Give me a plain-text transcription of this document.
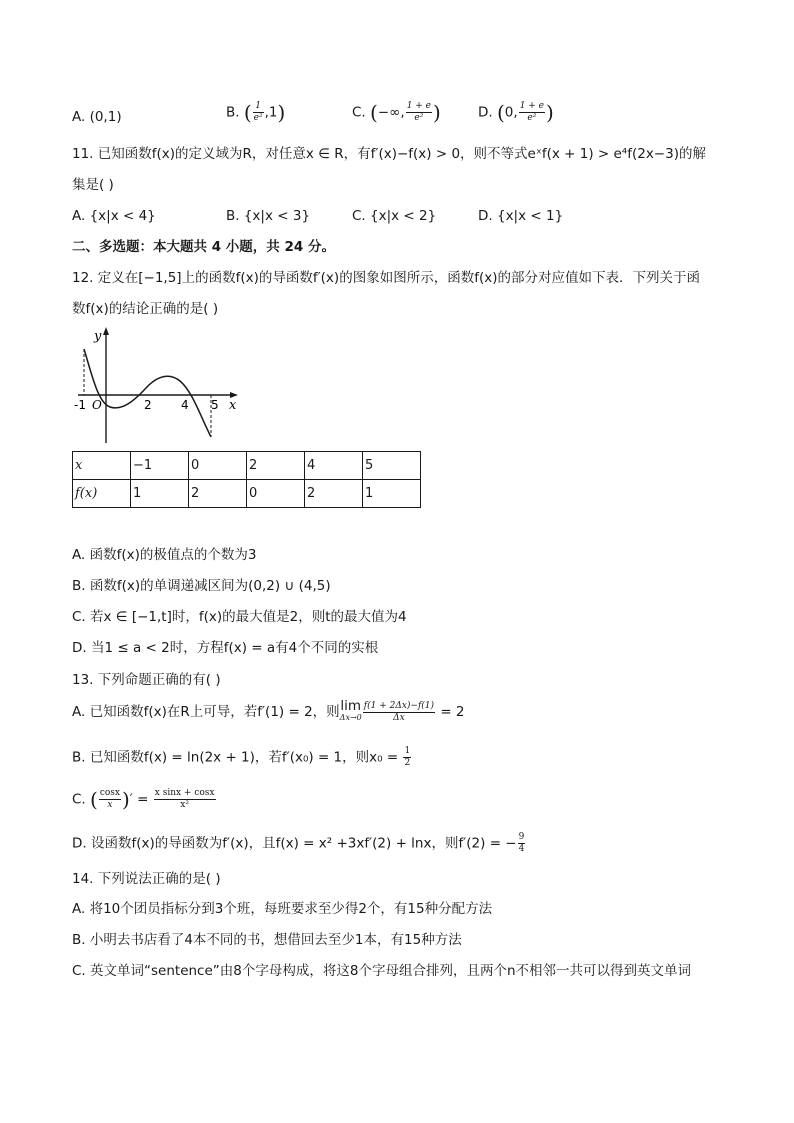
A. (0,1)	B. ( $\frac{1}{\text{e²}} ,1$)	C. (−∞, $\frac{1 + e}{\text{e²}}$ )	D. (0, $\frac{1 + e}{\text{e²}}$ )
11. 已知函数f(x)的定义域为R，对任意x ∈ R，有f′(x)−f(x) > 0，则不等式eˣf(x + 1) > e⁴f(2x−3)的解
集是( )
A. {x|x < 4}	B. {x|x < 3}	C. {x|x < 2}	D. {x|x < 1}
二、多选题：本大题共 4 小题，共 24 分。
12. 定义在[−1,5]上的函数f(x)的导函数f′(x)的图象如图所示，函数f(x)的部分对应值如下表．下列关于函
数f(x)的结论正确的是( )
y
x
-1 O	2 4 5
x	−1	0	2	4	5
f(x)	1	2	0	2	1
A. 函数f(x)的极值点的个数为3
B. 函数f(x)的单调递减区间为(0,2) ∪ (4,5)
C. 若x ∈ [−1,t]时，f(x)的最大值是2，则t的最大值为4
D. 当1 ≤ a < 2时，方程f(x) = a有4个不同的实根
13. 下列命题正确的有( )
A. 已知函数f(x)在R上可导，若f′(1) = 2，则 lim
$\Delta x\to 0 \frac{f(1 + 2\Delta x)-f(1)}{\Delta x} = 2$
B. 已知函数f(x) = ln(2x + 1)，若f′(x₀) = 1，则$x_0 = \frac{1}{2}$
C. ( $\frac{\cos x}{x}$ )′ = $\frac{\text{x sinx + cosx}}{\text{x²}}$
D. 设函数f(x)的导函数为f′(x)，且f(x) = x² +3xf′(2) + lnx，则f′(2) = − $\frac{9}{4}$
14. 下列说法正确的是( )
A. 将10个团员指标分到3个班，每班要求至少得2个，有15种分配方法
B. 小明去书店看了4本不同的书，想借回去至少1本，有15种方法
C. 英文单词“sentence”由8个字母构成，将这8个字母组合排列，且两个n不相邻一共可以得到英文单词
